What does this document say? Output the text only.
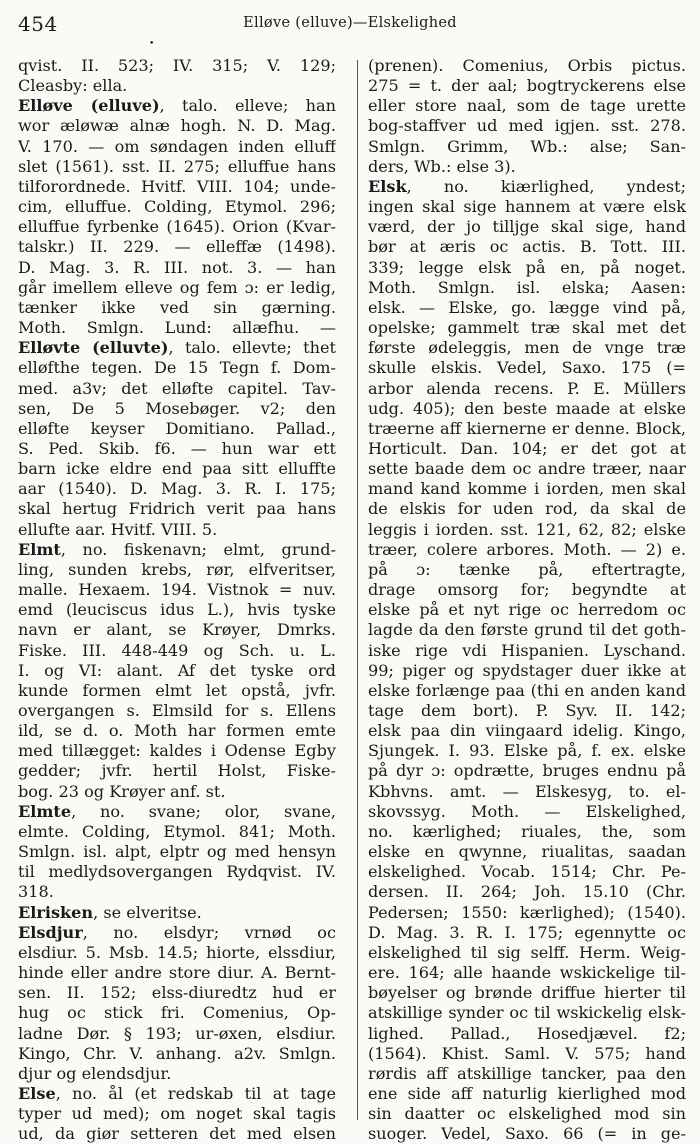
454	Elløve (elluve)—Elskelighed
•
qvist. II. 523; IV. 315; V. 129;
Cleasby: ella.
Elløve (elluve), talo. elleve; han
wor æløwæ alnæ hogh. N. D. Mag.
V. 170. — om søndagen inden elluff
slet (1561). sst. II. 275; elluffue hans
tilforordnede. Hvitf. VIII. 104; unde-
cim, elluffue. Colding, Etymol. 296;
elluffue fyrbenke (1645). Orion (Kvar-
talskr.) II. 229. — elleffæ (1498).
D. Mag. 3. R. III. not. 3. — han
går imellem elleve og fem ɔ: er ledig,
tænker ikke ved sin gærning.
Moth. Smlgn. Lund: allæfhu. —
Elløvte (elluvte), talo. ellevte; thet
elløfthe tegen. De 15 Tegn f. Dom-
med. a3v; det elløfte capitel. Tav-
sen, De 5 Mosebøger. v2; den
elløfte keyser Domitiano. Pallad.,
S. Ped. Skib. f6. — hun war ett
barn icke eldre end paa sitt elluffte
aar (1540). D. Mag. 3. R. I. 175;
skal hertug Fridrich verit paa hans
ellufte aar. Hvitf. VIII. 5.
Elmt, no. fiskenavn; elmt, grund-
ling, sunden krebs, rør, elfveritser,
malle. Hexaem. 194. Vistnok = nuv.
emd (leuciscus idus L.), hvis tyske
navn er alant, se Krøyer, Dmrks.
Fiske. III. 448-449 og Sch. u. L.
I. og VI: alant. Af det tyske ord
kunde formen elmt let opstå, jvfr.
overgangen s. Elmsild for s. Ellens
ild, se d. o. Moth har formen emte
med tillægget: kaldes i Odense Egby
gedder; jvfr. hertil Holst, Fiske-
bog. 23 og Krøyer anf. st.
Elmte, no. svane; olor, svane,
elmte. Colding, Etymol. 841; Moth.
Smlgn. isl. alpt, elptr og med hensyn
til medlydsovergangen Rydqvist. IV.
318.
Elrisken, se elveritse.
Elsdjur, no. elsdyr; vrnød oc
elsdiur. 5. Msb. 14.5; hiorte, elssdiur,
hinde eller andre store diur. A. Bernt-
sen. II. 152; elss-diuredtz hud er
hug oc stick fri. Comenius, Op-
ladne Dør. § 193; ur-øxen, elsdiur.
Kingo, Chr. V. anhang. a2v. Smlgn.
djur og elendsdjur.
Else, no. ål (et redskab til at tage
typer ud med); om noget skal tagis
ud, da giør setteren det med elsen
(prenen). Comenius, Orbis pictus.
275 = t. der aal; bogtryckerens else
eller store naal, som de tage urette
bog-staffver ud med igjen. sst. 278.
Smlgn. Grimm, Wb.: alse; San-
ders, Wb.: else 3).
Elsk, no. kiærlighed, yndest;
ingen skal sige hannem at være elsk
værd, der jo tilljge skal sige, hand
bør at æris oc actis. B. Tott. III.
339; legge elsk på en, på noget.
Moth. Smlgn. isl. elska; Aasen:
elsk. — Elske, go. lægge vind på,
opelske; gammelt træ skal met det
første ødeleggis, men de vnge træ
skulle elskis. Vedel, Saxo. 175 (=
arbor alenda recens. P. E. Müllers
udg. 405); den beste maade at elske
træerne aff kiernerne er denne. Block,
Horticult. Dan. 104; er det got at
sette baade dem oc andre træer, naar
mand kand komme i iorden, men skal
de elskis for uden rod, da skal de
leggis i iorden. sst. 121, 62, 82; elske
træer, colere arbores. Moth. — 2) e.
på ɔ: tænke på, eftertragte,
drage omsorg for; begyndte at
elske på et nyt rige oc herredom oc
lagde da den første grund til det goth-
iske rige vdi Hispanien. Lyschand.
99; piger og spydstager duer ikke at
elske forlænge paa (thi en anden kand
tage dem bort). P. Syv. II. 142;
elsk paa din viingaard idelig. Kingo,
Sjungek. I. 93. Elske på, f. ex. elske
på dyr ɔ: opdrætte, bruges endnu på
Kbhvns. amt. — Elskesyg, to. el-
skovssyg. Moth. — Elskelighed,
no. kærlighed; riuales, the, som
elske en qwynne, riualitas, saadan
elskelighed. Vocab. 1514; Chr. Pe-
dersen. II. 264; Joh. 15.10 (Chr.
Pedersen; 1550: kærlighed); (1540).
D. Mag. 3. R. I. 175; egennytte oc
elskelighed til sig selff. Herm. Weig-
ere. 164; alle haande wskickelige til-
bøyelser og brønde driffue hierter til
atskillige synder oc til wskickelig elsk-
lighed. Pallad., Hosedjævel. f2;
(1564). Khist. Saml. V. 575; hand
rørdis aff atskillige tancker, paa den
ene side aff naturlig kierlighed mod
sin daatter oc elskelighed mod sin
suoger. Vedel, Saxo. 66 (= in ge-
